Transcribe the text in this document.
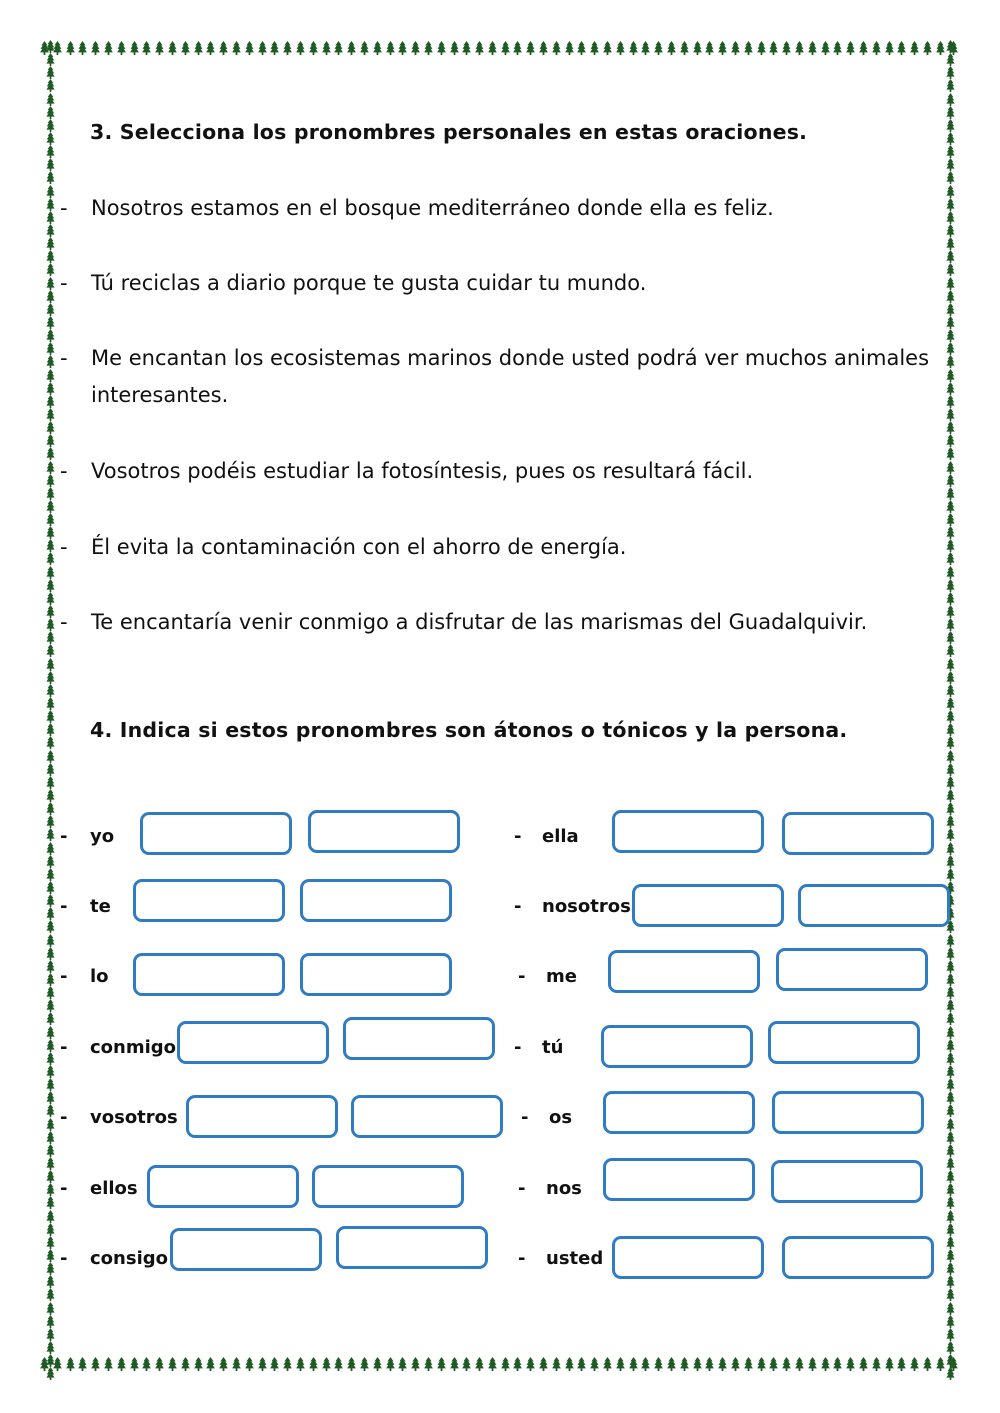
3. Selecciona los pronombres personales en estas oraciones.
- Nosotros estamos en el bosque mediterráneo donde ella es feliz.
- Tú reciclas a diario porque te gusta cuidar tu mundo.
- Me encantan los ecosistemas marinos donde usted podrá ver muchos animales interesantes.
- Vosotros podéis estudiar la fotosíntesis, pues os resultará fácil.
- Él evita la contaminación con el ahorro de energía.
- Te encantaría venir conmigo a disfrutar de las marismas del Guadalquivir.
4. Indica si estos pronombres son átonos o tónicos y la persona.
- yo
- te
- lo
- conmigo
- vosotros
- ellos
- consigo
- ella
- nosotros
- me
- tú
- os
- nos
- usted
